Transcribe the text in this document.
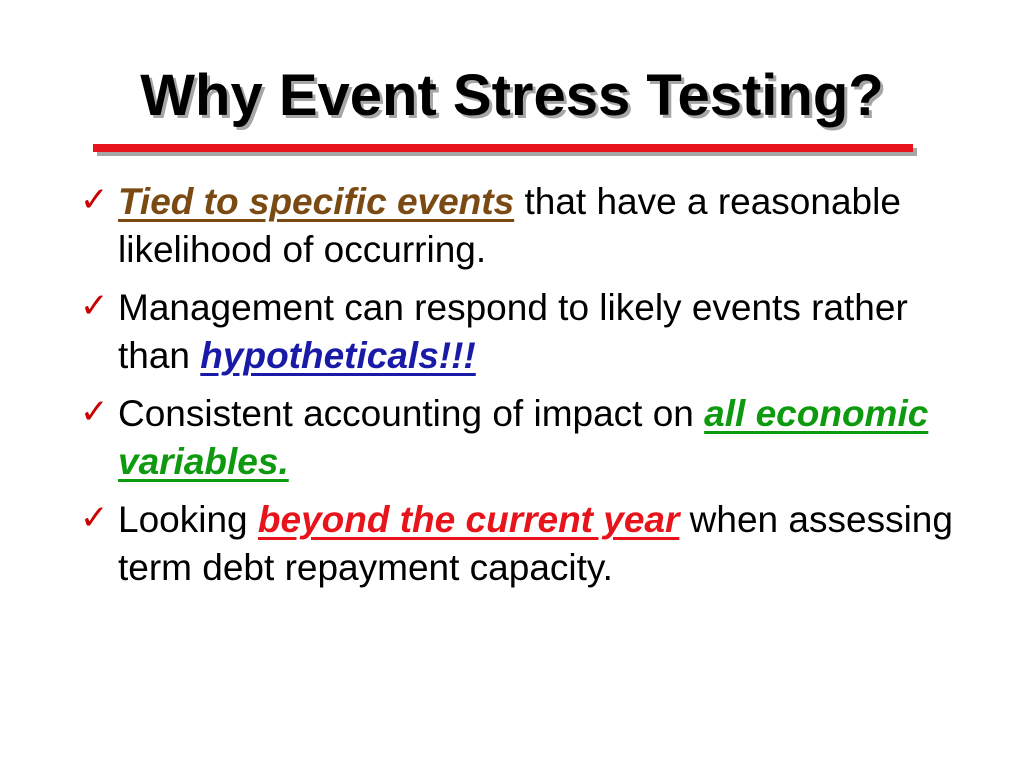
Why Event Stress Testing?
✓ Tied to specific events that have a reasonable likelihood of occurring.
✓ Management can respond to likely events rather than hypotheticals!!!
✓ Consistent accounting of impact on all economic variables.
✓ Looking beyond the current year when assessing term debt repayment capacity.
